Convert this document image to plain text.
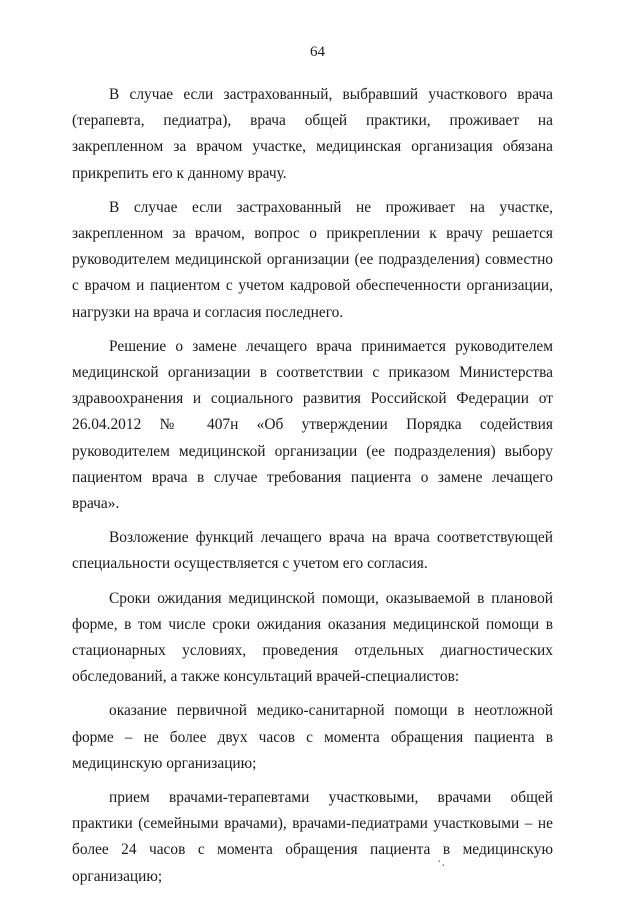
64

В случае если застрахованный, выбравший участкового врача (терапевта, педиатра), врача общей практики, проживает на закрепленном за врачом участке, медицинская организация обязана прикрепить его к данному врачу.

В случае если застрахованный не проживает на участке, закрепленном за врачом, вопрос о прикреплении к врачу решается руководителем медицинской организации (ее подразделения) совместно с врачом и пациентом с учетом кадровой обеспеченности организации, нагрузки на врача и согласия последнего.

Решение о замене лечащего врача принимается руководителем медицинской организации в соответствии с приказом Министерства здравоохранения и социального развития Российской Федерации от 26.04.2012 № 407н «Об утверждении Порядка содействия руководителем медицинской организации (ее подразделения) выбору пациентом врача в случае требования пациента о замене лечащего врача».

Возложение функций лечащего врача на врача соответствующей специальности осуществляется с учетом его согласия.

Сроки ожидания медицинской помощи, оказываемой в плановой форме, в том числе сроки ожидания оказания медицинской помощи в стационарных условиях, проведения отдельных диагностических обследований, а также консультаций врачей-специалистов:

оказание первичной медико-санитарной помощи в неотложной форме – не более двух часов с момента обращения пациента в медицинскую организацию;

прием врачами-терапевтами участковыми, врачами общей практики (семейными врачами), врачами-педиатрами участковыми – не более 24 часов с момента обращения пациента в медицинскую организацию;

·.
